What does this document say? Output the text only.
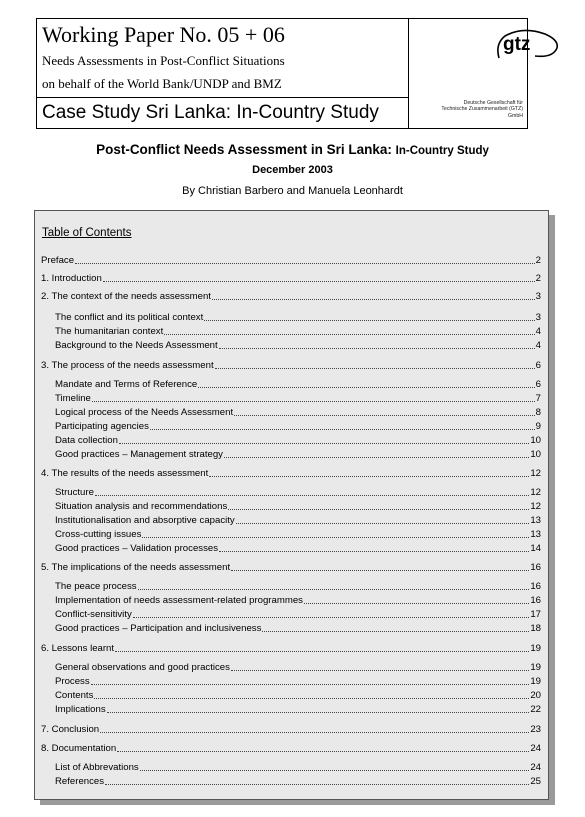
Working Paper No. 05 + 06
Needs Assessments in Post-Conflict Situations
on behalf of the World Bank/UNDP and BMZ
Case Study Sri Lanka: In-Country Study
gtz
Deutsche Gesellschaft für
Technische Zusammenarbeit (GTZ)
GmbH
Post-Conflict Needs Assessment in Sri Lanka: In-Country Study
December 2003
By Christian Barbero and Manuela Leonhardt
Table of Contents
Preface	2
1. Introduction	2
2. The context of the needs assessment	3
The conflict and its political context	3
The humanitarian context	4
Background to the Needs Assessment	4
3. The process of the needs assessment	6
Mandate and Terms of Reference	6
Timeline	7
Logical process of the Needs Assessment	8
Participating agencies	9
Data collection	10
Good practices – Management strategy	10
4. The results of the needs assessment	12
Structure	12
Situation analysis and recommendations	12
Institutionalisation and absorptive capacity	13
Cross-cutting issues	13
Good practices – Validation processes	14
5. The implications of the needs assessment	16
The peace process	16
Implementation of needs assessment-related programmes	16
Conflict-sensitivity	17
Good practices – Participation and inclusiveness	18
6. Lessons learnt	19
General observations and good practices	19
Process	19
Contents	20
Implications	22
7. Conclusion	23
8. Documentation	24
List of Abbrevations	24
References	25
